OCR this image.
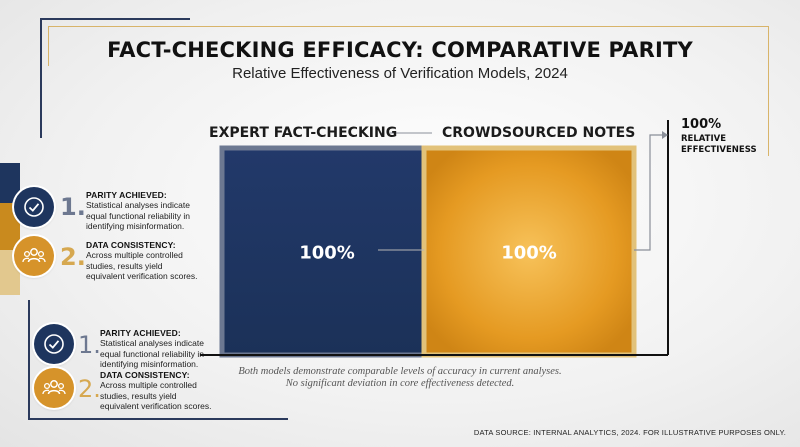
FACT-CHECKING EFFICACY: COMPARATIVE PARITY
Relative Effectiveness of Verification Models, 2024
1. PARITY ACHIEVED:
Statistical analyses indicate
equal functional reliability in
identifying misinformation.
2. DATA CONSISTENCY:
Across multiple controlled
studies, results yield
equivalent verification scores.
1. PARITY ACHIEVED:
Statistical analyses indicate
equal functional reliability in
identifying misinformation.
2. DATA CONSISTENCY:
Across multiple controlled
studies, results yield
equivalent verification scores.
100%	100%
EXPERT FACT-CHECKING	CROWDSOURCED NOTES
100%
RELATIVE
EFFECTIVENESS
Both models demonstrate comparable levels of accuracy in current analyses.
No significant deviation in core effectiveness detected.
DATA SOURCE: INTERNAL ANALYTICS, 2024. FOR ILLUSTRATIVE PURPOSES ONLY.
